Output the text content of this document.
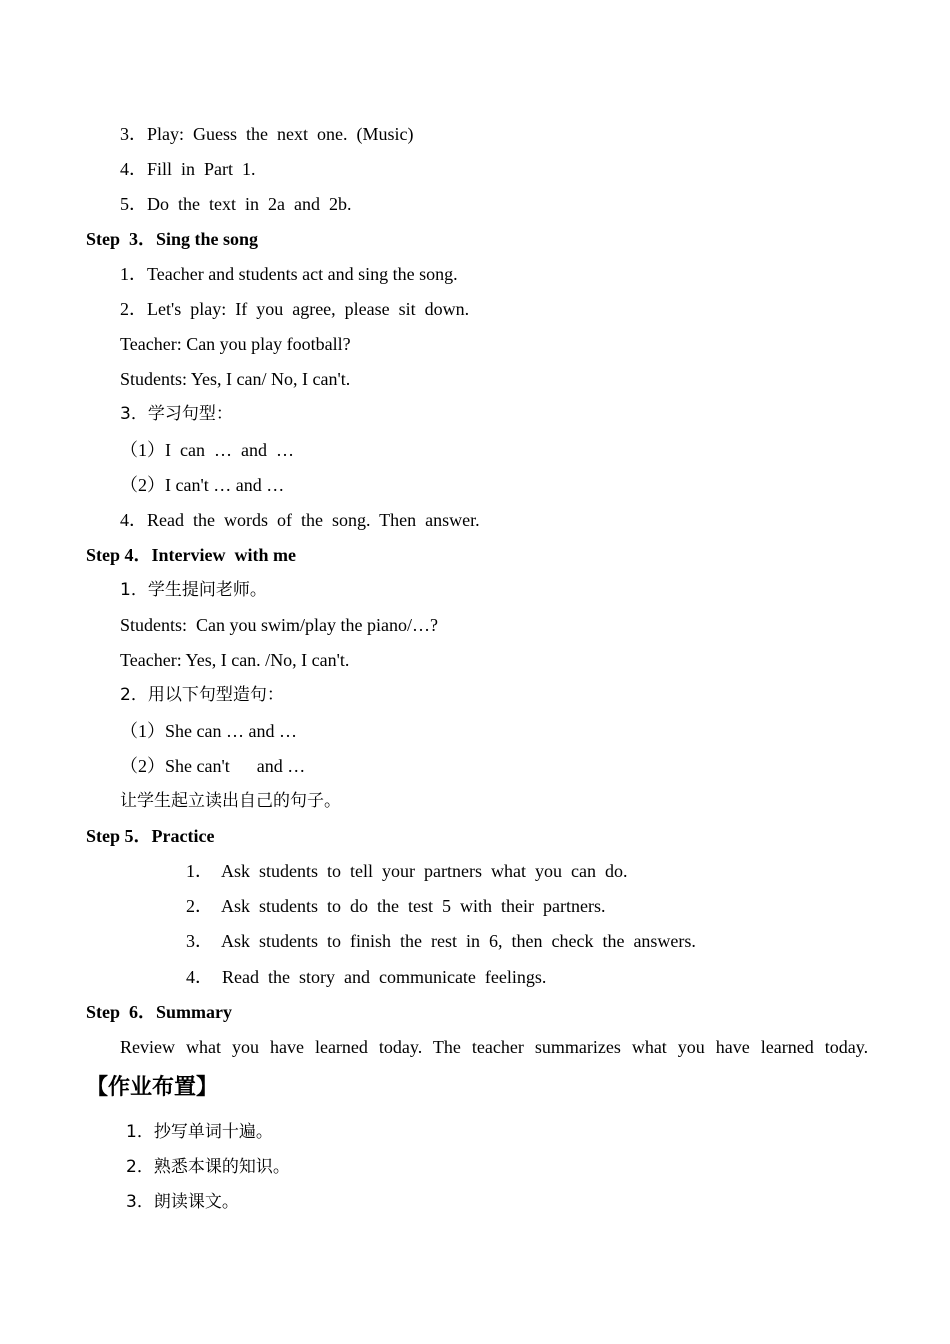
3．Play:  Guess  the  next  one.  (Music)
4．Fill  in  Part  1.
5．Do  the  text  in  2a  and  2b.
Step  3．Sing the song
1．Teacher and students act and sing the song.
2．Let's  play:  If  you  agree,  please  sit  down.
Teacher: Can you play football?
Students: Yes, I can/ No, I can't.
3．学习句型：
（1）I  can  …  and  …
（2）I can't … and …
4．Read  the  words  of  the  song.  Then  answer.
Step 4．Interview  with me
1．学生提问老师。
Students:  Can you swim/play the piano/…?
Teacher: Yes, I can. /No, I can't.
2．用以下句型造句：
（1）She can … and …
（2）She can't      and …
让学生起立读出自己的句子。
Step 5．Practice
1．  Ask  students  to  tell  your  partners  what  you  can  do.
2．  Ask  students  to  do  the  test  5  with  their  partners.
3．  Ask  students  to  finish  the  rest  in  6,  then  check  the  answers.
4．  Read  the  story  and  communicate  feelings.
Step  6．Summary
Review  what  you  have  learned  today.  The  teacher  summarizes  what  you  have  learned  today.
【作业布置】
1．抄写单词十遍。
2．熟悉本课的知识。
3．朗读课文。
